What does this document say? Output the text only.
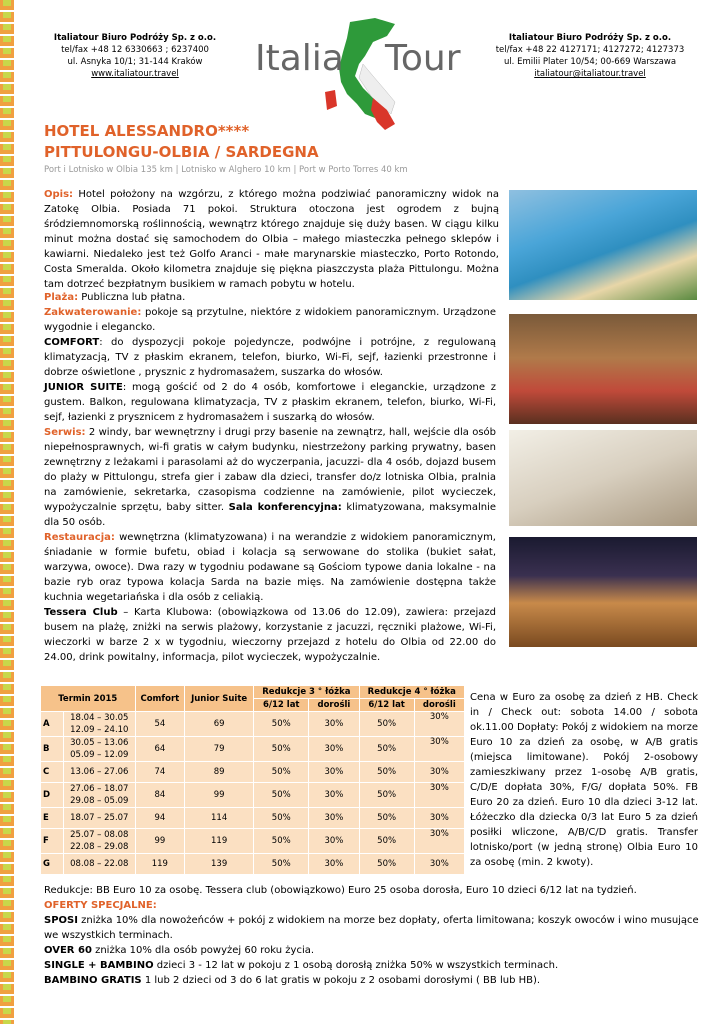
Italiatour Biuro Podróży Sp. z o.o.
tel/fax +48 12 6330663 ; 6237400
ul. Asnyka 10/1; 31-144 Kraków
www.italiatour.travel	Italia Tour	Italiatour Biuro Podróży Sp. z o.o.
tel/fax +48 22 4127171; 4127272; 4127373
ul. Emilii Plater 10/54; 00-669 Warszawa
italiatour@italiatour.travel
HOTEL ALESSANDRO****
PITTULONGU-OLBIA / SARDEGNA
Port i Lotnisko w Olbia 135 km | Lotnisko w Alghero 10 km | Port w Porto Torres 40 km

Opis: Hotel położony na wzgórzu, z którego można podziwiać panoramiczny widok na Zatokę Olbia. Posiada 71 pokoi. Struktura otoczona jest ogrodem z bujną śródziemnomorską roślinnością, wewnątrz którego znajduje się duży basen. W ciągu kilku minut można dostać się samochodem do Olbia – małego miasteczka pełnego sklepów i kawiarni. Niedaleko jest też Golfo Aranci - małe marynarskie miasteczko, Porto Rotondo, Costa Smeralda. Około kilometra znajduje się piękna piaszczysta plaża Pittulongu. Można tam dotrzeć bezpłatnym busikiem w ramach pobytu w hotelu.

Plaża: Publiczna lub płatna.

Zakwaterowanie: pokoje są przytulne, niektóre z widokiem panoramicznym. Urządzone wygodnie i elegancko.

COMFORT: do dyspozycji pokoje pojedyncze, podwójne i potrójne, z regulowaną klimatyzacją, TV z płaskim ekranem, telefon, biurko, Wi-Fi, sejf, łazienki przestronne i dobrze oświetlone , prysznic z hydromasażem, suszarka do włosów.

JUNIOR SUITE: mogą gościć od 2 do 4 osób, komfortowe i eleganckie, urządzone z gustem. Balkon, regulowana klimatyzacja, TV z płaskim ekranem, telefon, biurko, Wi-Fi, sejf, łazienki z prysznicem z hydromasażem i suszarką do włosów.

Serwis: 2 windy, bar wewnętrzny i drugi przy basenie na zewnątrz, hall, wejście dla osób niepełnosprawnych, wi-fi gratis w całym budynku, niestrzeżony parking prywatny, basen zewnętrzny z leżakami i parasolami aż do wyczerpania, jacuzzi- dla 4 osób, dojazd busem do plaży w Pittulongu, strefa gier i zabaw dla dzieci, transfer do/z lotniska Olbia, pralnia na zamówienie, sekretarka, czasopisma codzienne na zamówienie, pilot wycieczek, wypożyczalnie sprzętu, baby sitter. Sala konferencyjna: klimatyzowana, maksymalnie dla 50 osób.

Restauracja: wewnętrzna (klimatyzowana) i na werandzie z widokiem panoramicznym, śniadanie w formie bufetu, obiad i kolacja są serwowane do stolika (bukiet sałat, warzywa, owoce). Dwa razy w tygodniu podawane są Gościom typowe dania lokalne - na bazie ryb oraz typowa kolacja Sarda na bazie mięs. Na zamówienie dostępna także kuchnia wegetariańska i dla osób z celiakią.

Tessera Club – Karta Klubowa: (obowiązkowa od 13.06 do 12.09), zawiera: przejazd busem na plażę, zniżki na serwis plażowy, korzystanie z jacuzzi, ręczniki plażowe, Wi-Fi, wieczorki w barze 2 x w tygodniu, wieczorny przejazd z hotelu do Olbia od 22.00 do 24.00, drink powitalny, informacja, pilot wycieczek, wypożyczalnie.

Termin 2015		Comfort	Junior Suite	Redukcje 3 ° łóżka		Redukcje 4 ° łóżka	
				6/12 lat	dorośli	6/12 lat	dorośli
A	18.04 – 30.05
12.09 – 24.10	54	69	50%	30%	50%	30%
B	30.05 – 13.06
05.09 – 12.09	64	79	50%	30%	50%	30%
C	13.06 – 27.06	74	89	50%	30%	50%	30%
D	27.06 – 18.07
29.08 – 05.09	84	99	50%	30%	50%	30%
E	18.07 – 25.07	94	114	50%	30%	50%	30%
F	25.07 – 08.08
22.08 – 29.08	99	119	50%	30%	50%	30%
G	08.08 – 22.08	119	139	50%	30%	50%	30%
Cena w Euro za osobę za dzień z HB. Check in / Check out: sobota 14.00 / sobota ok.11.00 Dopłaty: Pokój z widokiem na morze Euro 10 za dzień za osobę, w A/B gratis (miejsca limitowane). Pokój 2-osobowy zamieszkiwany przez 1-osobę A/B gratis, C/D/E dopłata 30%, F/G/ dopłata 50%. FB Euro 20 za dzień. Euro 10 dla dzieci 3-12 lat. Łóżeczko dla dziecka 0/3 lat Euro 5 za dzień posiłki wliczone, A/B/C/D gratis. Transfer lotnisko/port (w jedną stronę) Olbia Euro 10 za osobę (min. 2 kwoty).

Redukcje: BB Euro 10 za osobę. Tessera club (obowiązkowo) Euro 25 osoba dorosła, Euro 10 dzieci 6/12 lat na tydzień.

OFERTY SPECJALNE:

SPOSI zniżka 10% dla nowożeńców + pokój z widokiem na morze bez dopłaty, oferta limitowana; koszyk owoców i wino musujące we wszystkich terminach.

OVER 60 zniżka 10% dla osób powyżej 60 roku życia.

SINGLE + BAMBINO dzieci 3 - 12 lat w pokoju z 1 osobą dorosłą zniżka 50% w wszystkich terminach.

BAMBINO GRATIS 1 lub 2 dzieci od 3 do 6 lat gratis w pokoju z 2 osobami dorosłymi ( BB lub HB).
